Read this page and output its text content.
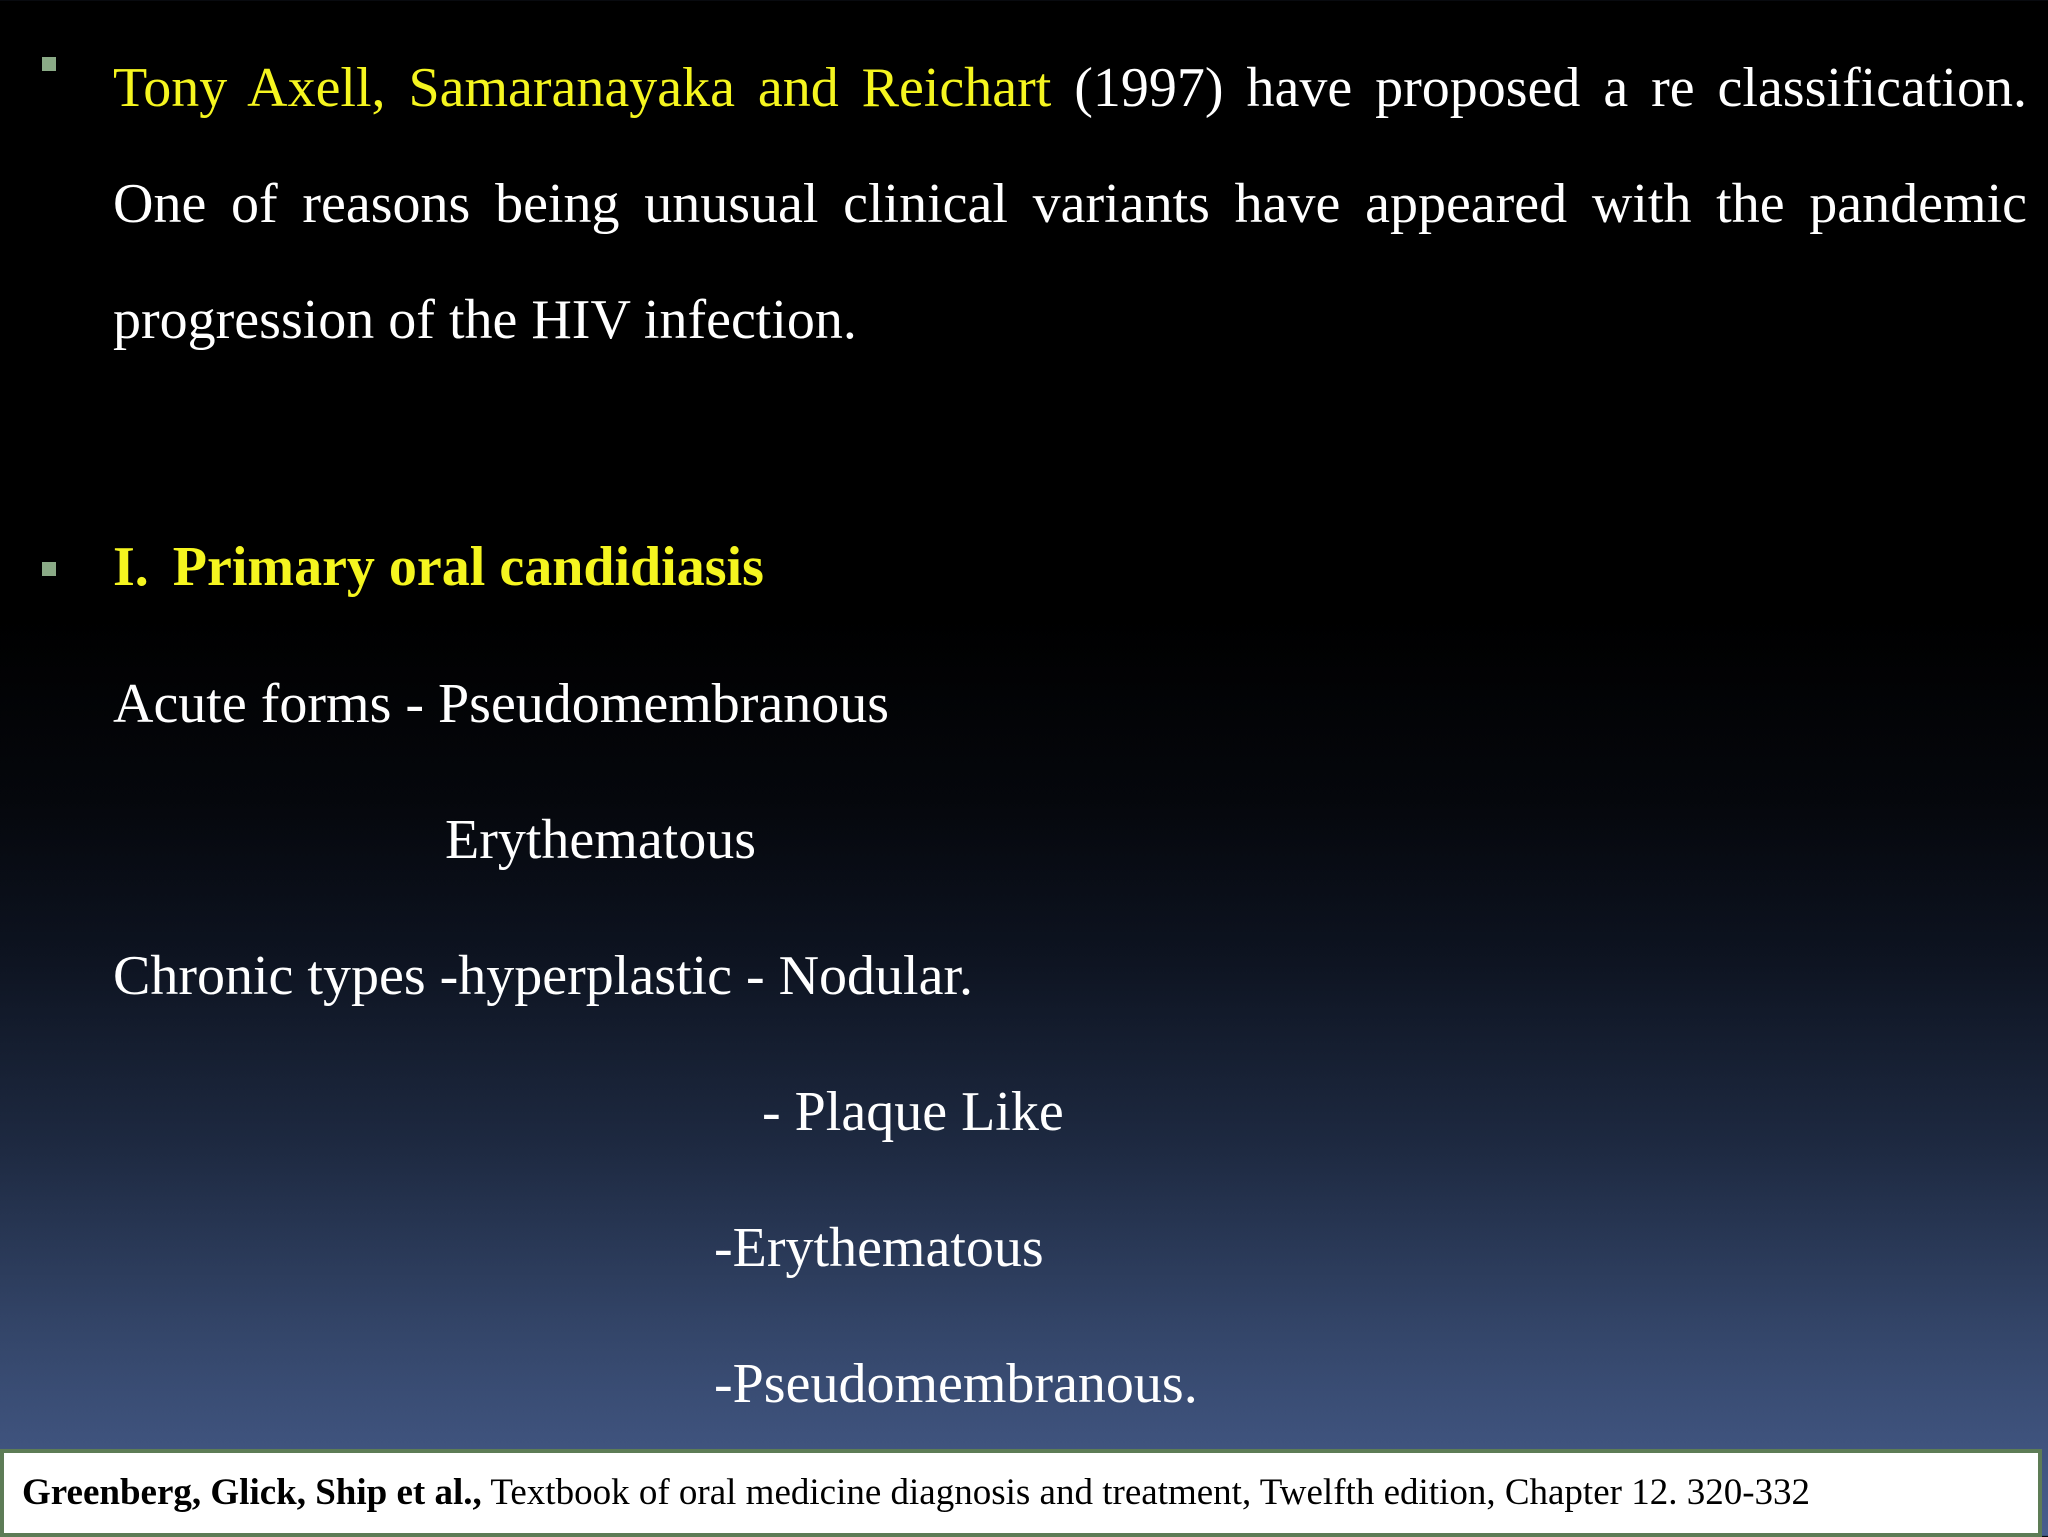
Tony Axell, Samaranayaka and Reichart (1997) have proposed a re classification. One of reasons being unusual clinical variants have appeared with the pandemic progression of the HIV infection.

I. Primary oral candidiasis

Acute forms - Pseudomembranous

Erythematous

Chronic types -hyperplastic - Nodular.

- Plaque Like

-Erythematous

-Pseudomembranous.

Greenberg, Glick, Ship et al., Textbook of oral medicine diagnosis and treatment, Twelfth edition, Chapter 12. 320-332
